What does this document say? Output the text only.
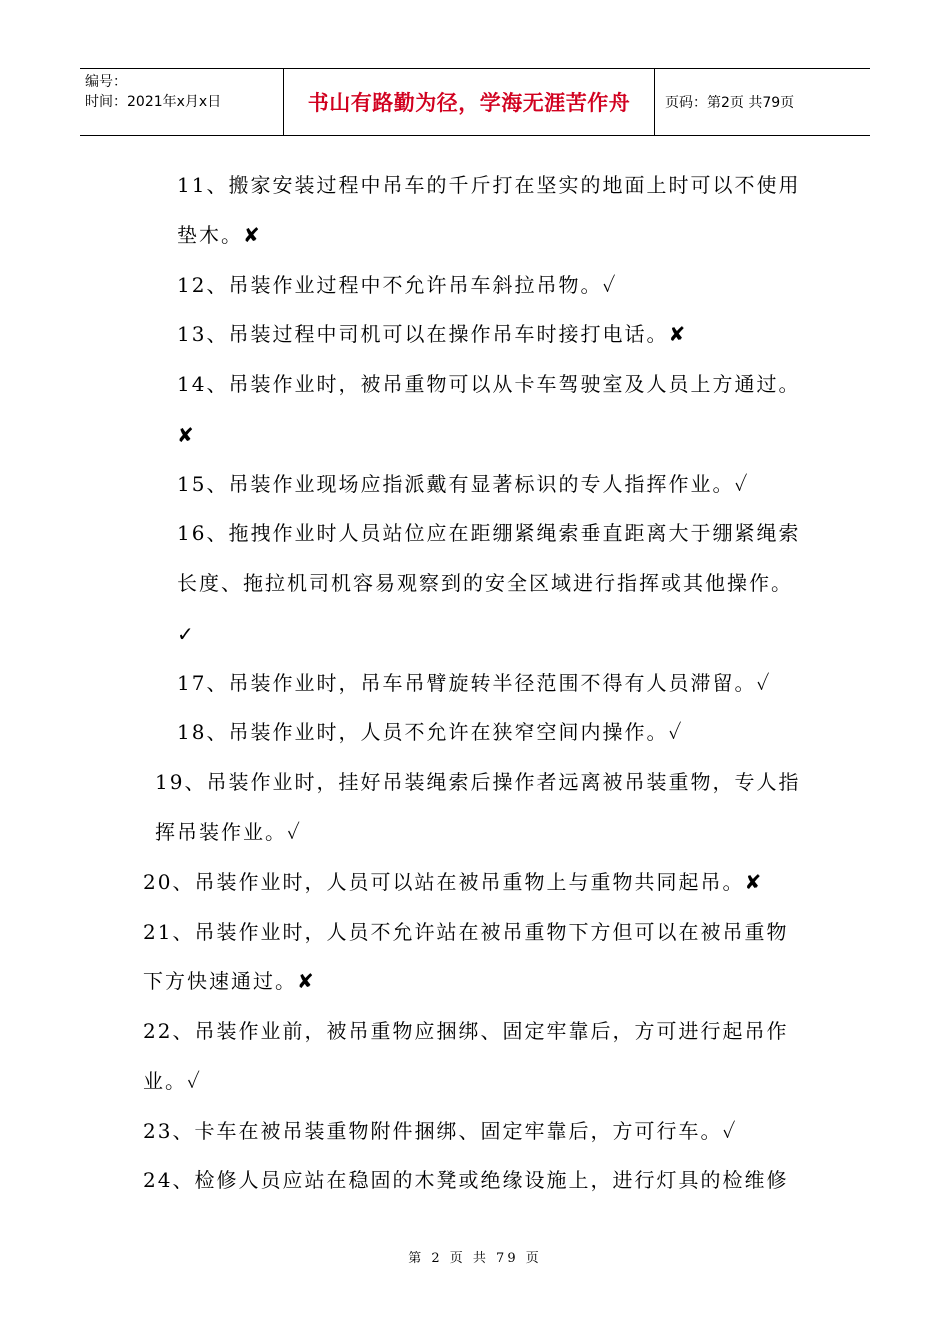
编号：
时间：2021年x月x日	书山有路勤为径，学海无涯苦作舟 页码：第2页 共79页
11、搬家安装过程中吊车的千斤打在坚实的地面上时可以不使用
垫木。✘
12、吊装作业过程中不允许吊车斜拉吊物。✓
13、吊装过程中司机可以在操作吊车时接打电话。✘
14、吊装作业时，被吊重物可以从卡车驾驶室及人员上方通过。
✘
15、吊装作业现场应指派戴有显著标识的专人指挥作业。✓
16、拖拽作业时人员站位应在距绷紧绳索垂直距离大于绷紧绳索
长度、拖拉机司机容易观察到的安全区域进行指挥或其他操作。
✓
17、吊装作业时，吊车吊臂旋转半径范围不得有人员滞留。✓
18、吊装作业时，人员不允许在狭窄空间内操作。✓
19、吊装作业时，挂好吊装绳索后操作者远离被吊装重物，专人指
挥吊装作业。✓
20、吊装作业时，人员可以站在被吊重物上与重物共同起吊。✘
21、吊装作业时，人员不允许站在被吊重物下方但可以在被吊重物
下方快速通过。✘
22、吊装作业前，被吊重物应捆绑、固定牢靠后，方可进行起吊作
业。✓
23、卡车在被吊装重物附件捆绑、固定牢靠后，方可行车。✓
24、检修人员应站在稳固的木凳或绝缘设施上，进行灯具的检维修
第 2 页 共 79 页
